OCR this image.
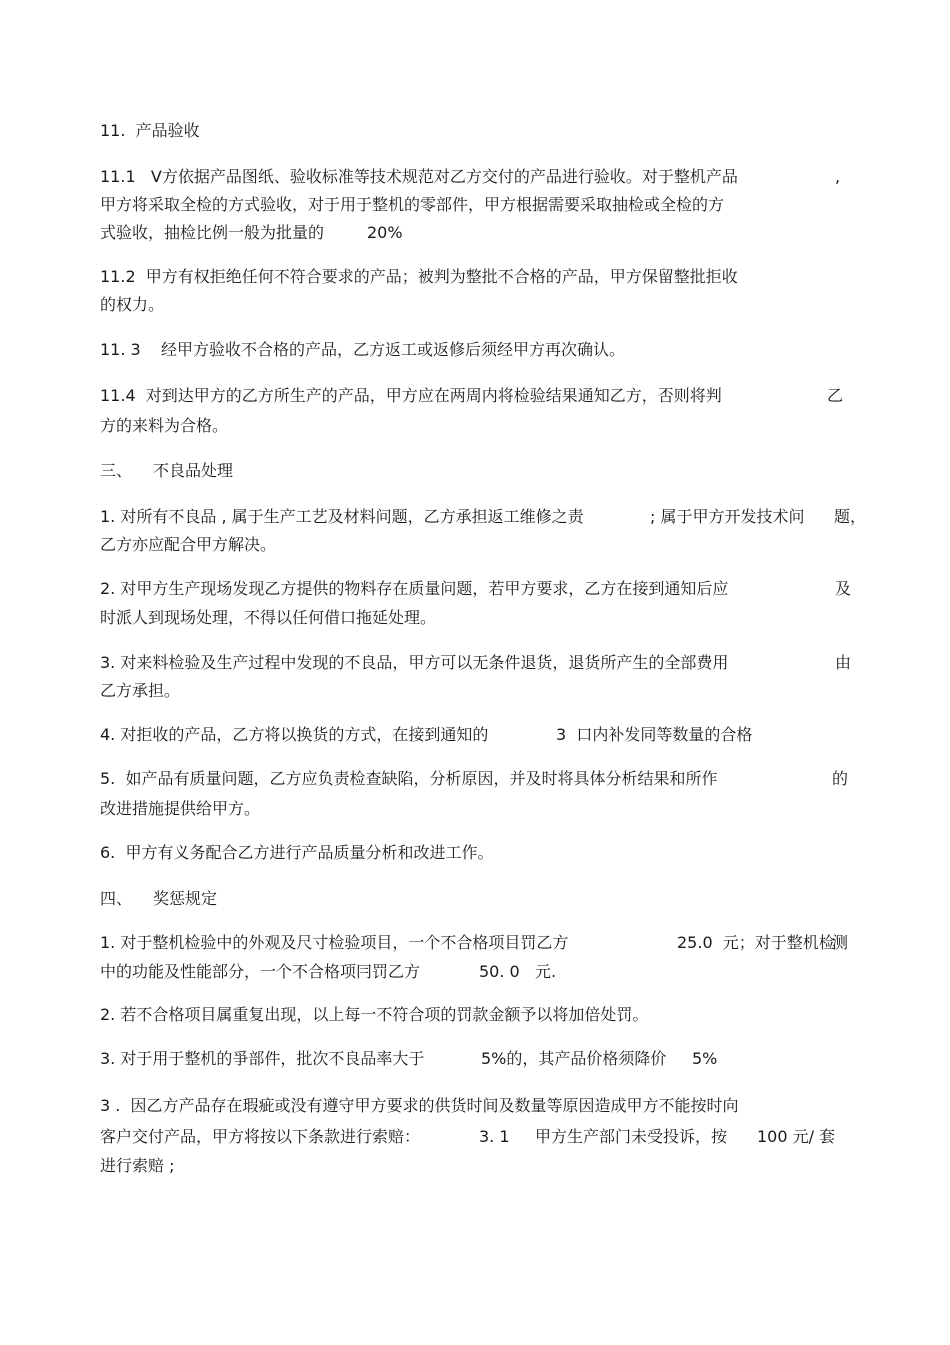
11.  产品验收
11.1   V方依据产品图纸、验收标准等技术规范对乙方交付的产品进行验收。对于整机产品	,
甲方将采取全检的方式验收，对于用于整机的零部件，甲方根据需要采取抽检或全检的方
式验收，抽检比例一般为批量的	20%
11.2  甲方有权拒绝任何不符合要求的产品；被判为整批不合格的产品，甲方保留整批拒收
的权力。
11. 3    经甲方验收不合格的产品，乙方返工或返修后须经甲方再次确认。
11.4  对到达甲方的乙方所生产的产品，甲方应在两周内将检验结果通知乙方，否则将判	乙
方的来料为合格。
三、 不良品处理
1. 对所有不良品 , 属于生产工艺及材料问题，乙方承担返工维修之责	; 属于甲方开发技术问 题，
乙方亦应配合甲方解决。
2. 对甲方生产现场发现乙方提供的物料存在质量问题，若甲方要求，乙方在接到通知后应	及
时派人到现场处理，不得以任何借口拖延处理。
3. 对来料检验及生产过程中发现的不良品，甲方可以无条件退货，退货所产生的全部费用	由
乙方承担。
4. 对拒收的产品，乙方将以换货的方式，在接到通知的	3  口内补发同等数量的合格
5.  如产品有质量问题，乙方应负责检查缺陷，分析原因，并及时将具体分析结果和所作	的
改进措施提供给甲方。
6.  甲方有义务配合乙方进行产品质量分析和改进工作。
四、 奖惩规定
1. 对于整机检验中的外观及尺寸检验项目，一个不合格项目罚乙方	25.0  元；对于整机检
测
中的功能及性能部分，一个不合格项冃罚乙方	50. 0   元.
2. 若不合格项目属重复出现，以上每一不符合项的罚款金额予以将加倍处罚。
3. 对于用于整机的爭部件，批次不良品率大于	5%的，其产品价格须降价 5%
3 .  因乙方产品存在瑕疵或没有遵守甲方要求的供货时间及数量等原因造成甲方不能按时向
客户交付产品，甲方将按以下条款进行索赔：	3. 1     甲方生产部门未受投诉，按 100 元/ 套
进行索赔 ;
